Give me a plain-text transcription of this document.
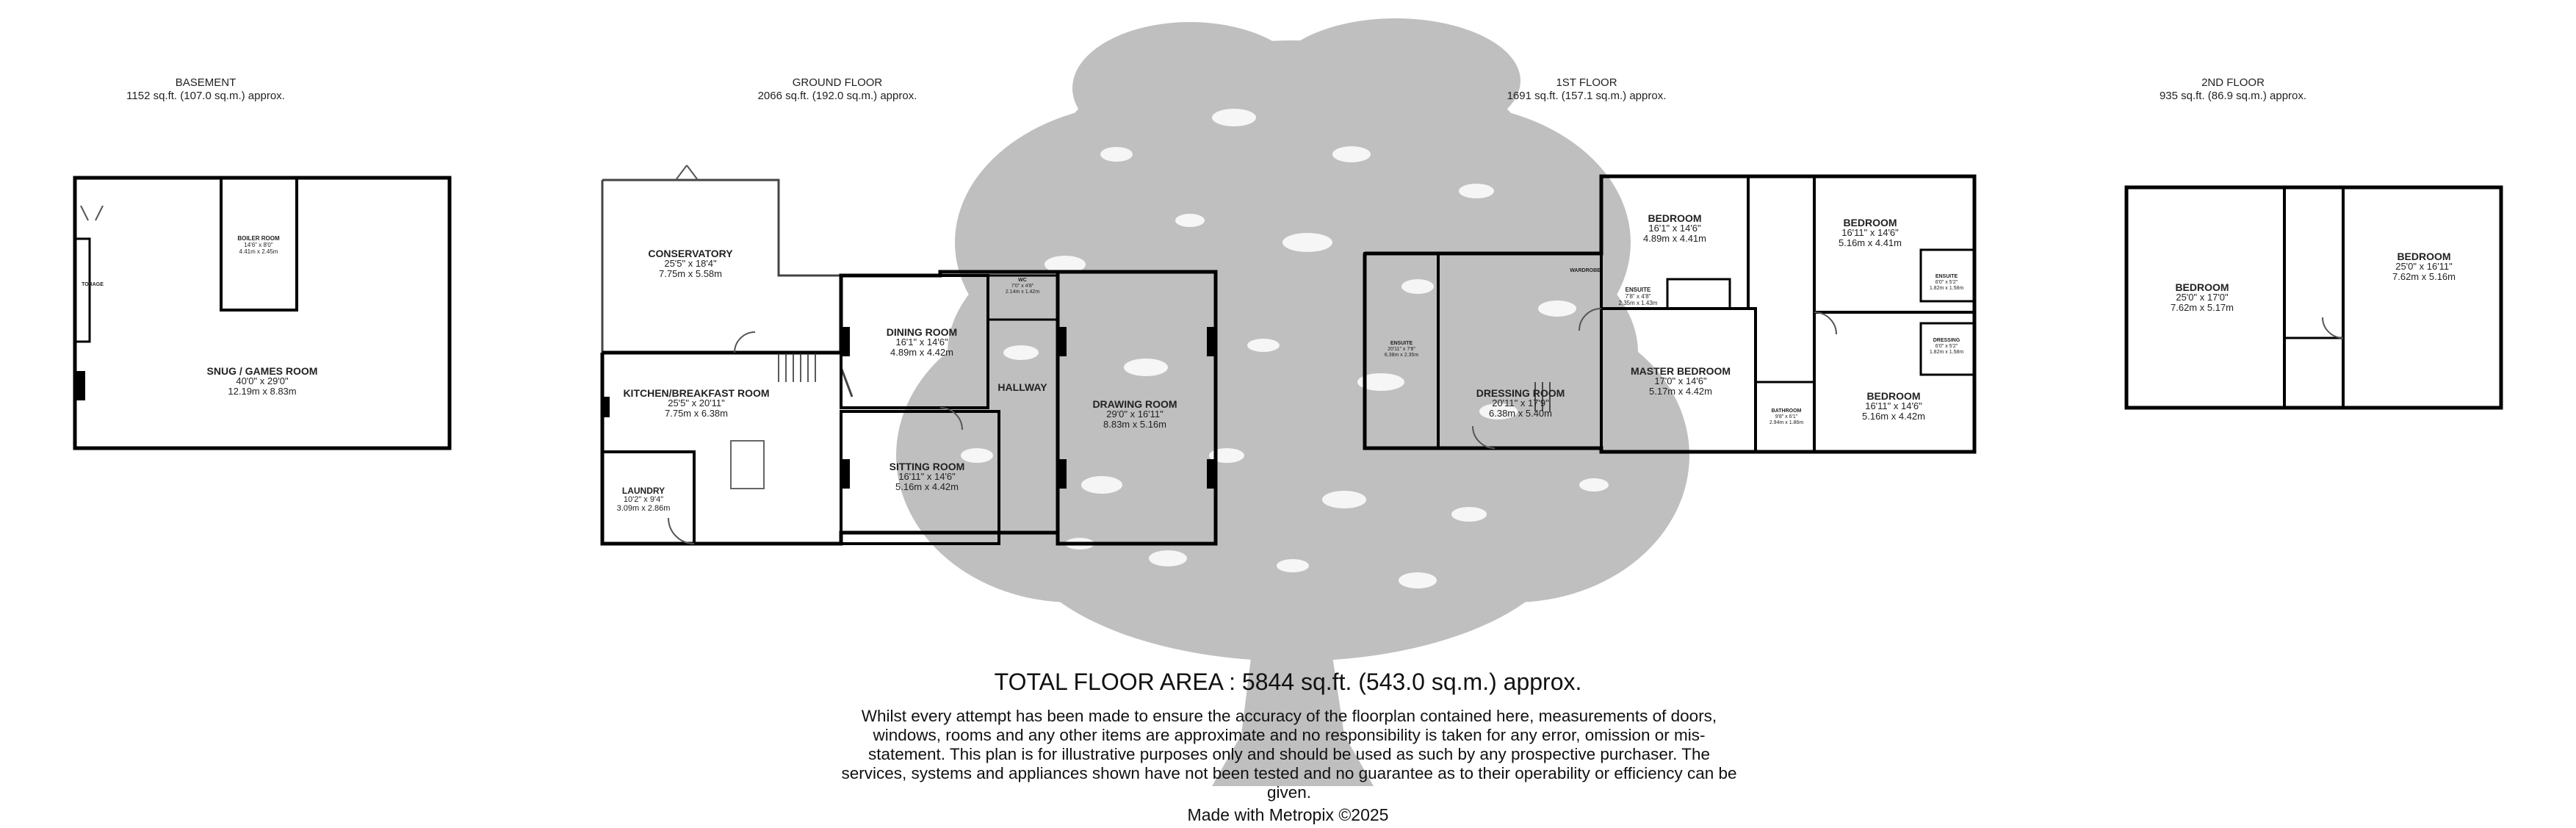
BASEMENT
1152 sq.ft. (107.0 sq.m.) approx.
GROUND FLOOR
2066 sq.ft. (192.0 sq.m.) approx.
1ST FLOOR
1691 sq.ft. (157.1 sq.m.) approx.
2ND FLOOR
935 sq.ft. (86.9 sq.m.) approx.
TORAGE
BOILER ROOM
14'6" x 8'0"
4.41m x 2.45m
SNUG / GAMES ROOM
40'0" x 29'0"
12.19m x 8.83m
CONSERVATORY
25'5" x 18'4"
7.75m x 5.58m
KITCHEN/BREAKFAST ROOM
25'5" x 20'11"
7.75m x 6.38m
LAUNDRY
10'2" x 9'4"
3.09m x 2.86m
WC
7'0" x 4'8"
2.14m x 1.42m
DINING ROOM
16'1" x 14'6"
4.89m x 4.42m
HALLWAY
SITTING ROOM
16'11" x 14'6"
5.16m x 4.42m
DRAWING ROOM
29'0" x 16'11"
8.83m x 5.16m
ENSUITE
20'11" x 7'8"
6.38m x 2.35m
WARDROBE
DRESSING ROOM
20'11" x 17'9"
6.38m x 5.40m
BEDROOM
16'1" x 14'6"
4.89m x 4.41m
ENSUITE
7'8" x 4'8"
2.35m x 1.43m
MASTER BEDROOM
17'0" x 14'6"
5.17m x 4.42m
BATHROOM
9'8" x 6'1"
2.94m x 1.86m
BEDROOM
16'11" x 14'6"
5.16m x 4.41m
ENSUITE
6'0" x 5'2"
1.82m x 1.58m
DRESSING
6'0" x 5'2"
1.82m x 1.58m
BEDROOM
16'11" x 14'6"
5.16m x 4.42m
BEDROOM
25'0" x 17'0"
7.62m x 5.17m
BEDROOM
25'0" x 16'11"
7.62m x 5.16m
TOTAL FLOOR AREA : 5844 sq.ft. (543.0 sq.m.) approx.
Whilst every attempt has been made to ensure the accuracy of the floorplan contained here, measurements of doors, windows, rooms and any other items are approximate and no responsibility is taken for any error, omission or mis-statement. This plan is for illustrative purposes only and should be used as such by any prospective purchaser. The services, systems and appliances shown have not been tested and no guarantee as to their operability or efficiency can be given.
Made with Metropix ©2025
